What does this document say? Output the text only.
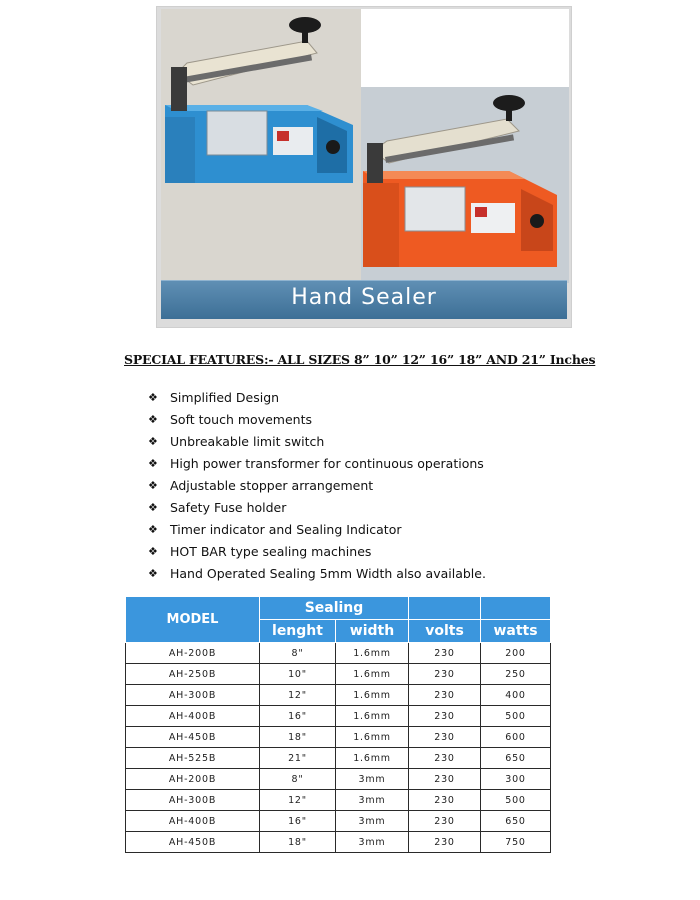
Hand Sealer
SPECIAL FEATURES:- ALL SIZES 8” 10” 12” 16” 18” AND 21” Inches
❖ Simplified Design
❖ Soft touch movements
❖ Unbreakable limit switch
❖ High power transformer for continuous operations
❖ Adjustable stopper arrangement
❖ Safety Fuse holder
❖ Timer indicator and Sealing Indicator
❖ HOT BAR type sealing machines
❖ Hand Operated Sealing 5mm Width also available.
MODEL	Sealing			
	lenght	width	volts	watts
AH-200B	8"	1.6mm	230	200
AH-250B	10"	1.6mm	230	250
AH-300B	12"	1.6mm	230	400
AH-400B	16"	1.6mm	230	500
AH-450B	18"	1.6mm	230	600
AH-525B	21"	1.6mm	230	650
AH-200B	8"	3mm	230	300
AH-300B	12"	3mm	230	500
AH-400B	16"	3mm	230	650
AH-450B	18"	3mm	230	750
